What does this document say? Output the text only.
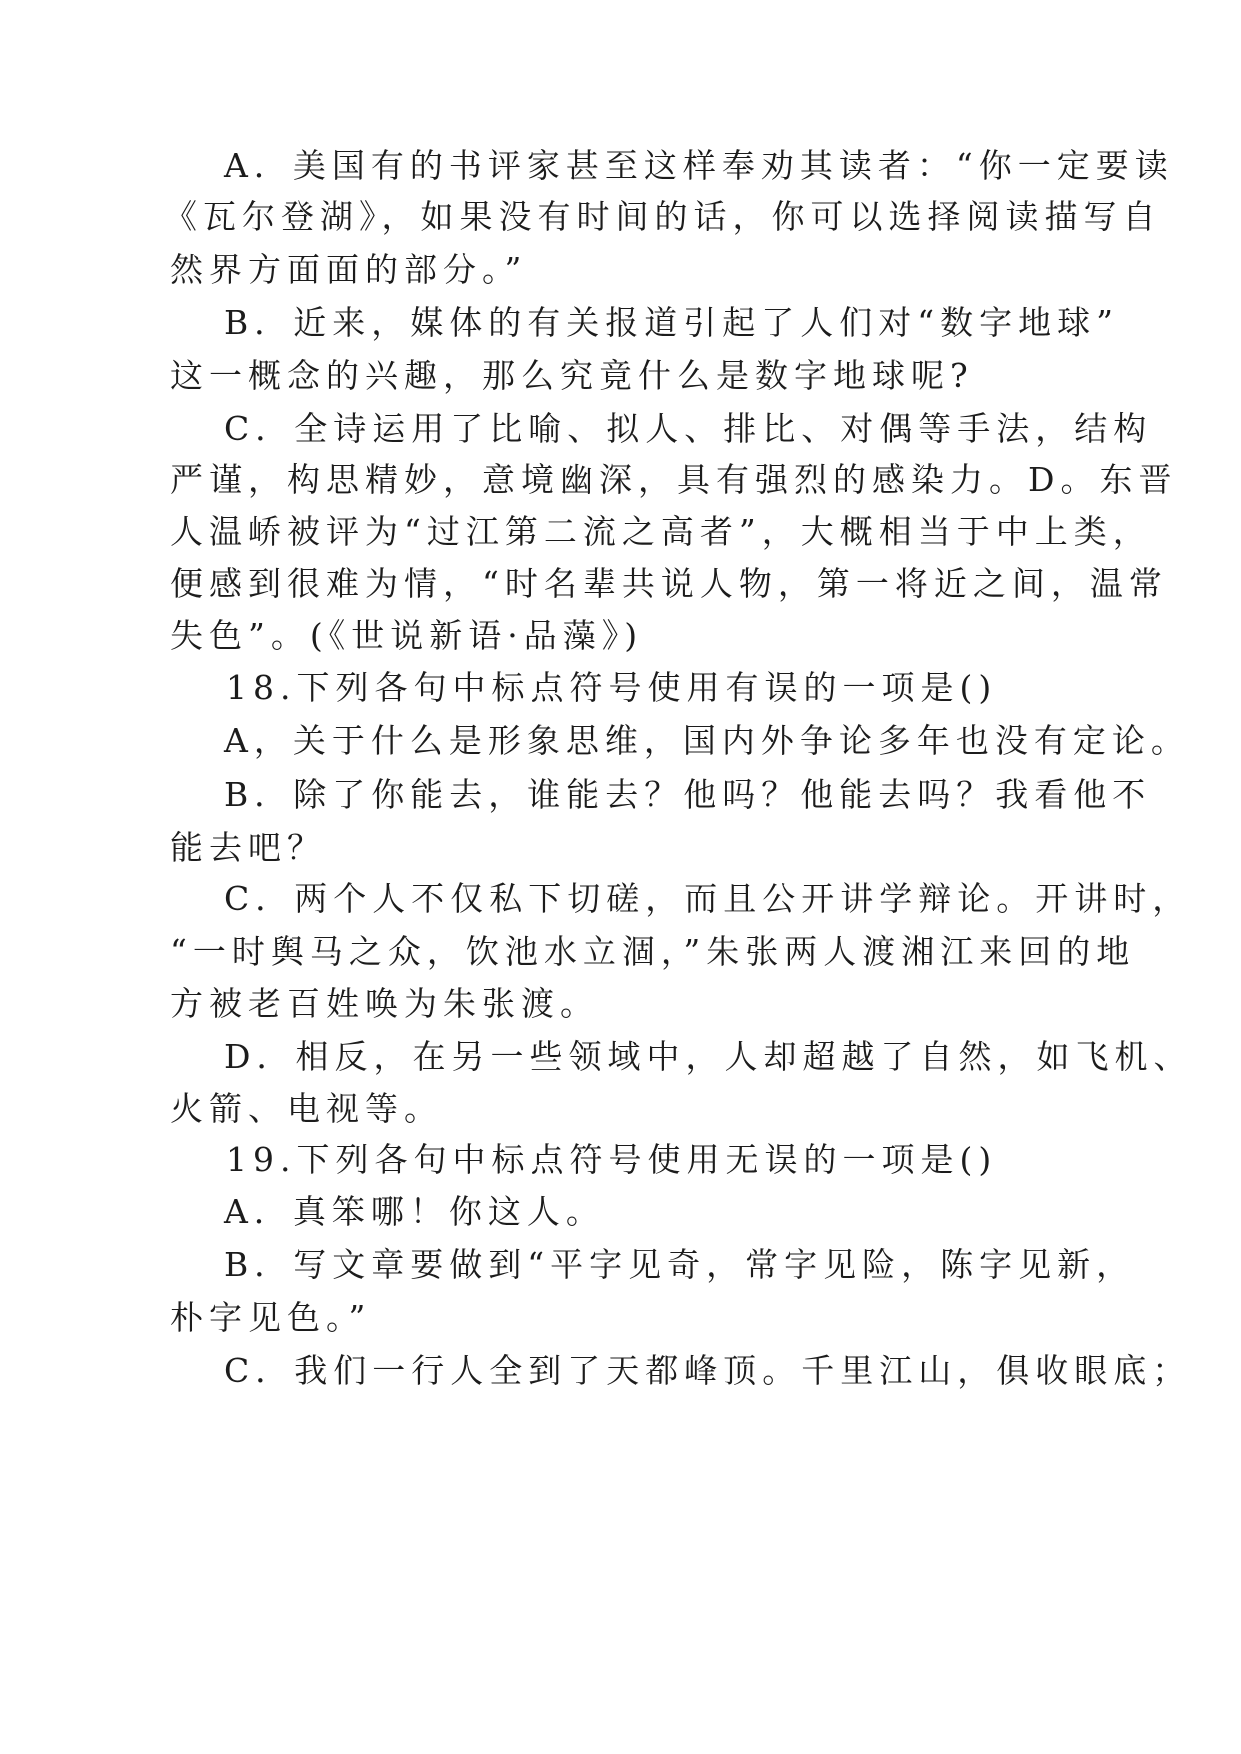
A．美国有的书评家甚至这样奉劝其读者：“你一定要读
《瓦尔登湖》，如果没有时间的话，你可以选择阅读描写自
然界方面面的部分。”
B．近来，媒体的有关报道引起了人们对“数字地球”
这一概念的兴趣，那么究竟什么是数字地球呢?
C．全诗运用了比喻、拟人、排比、对偶等手法，结构
严谨，构思精妙，意境幽深，具有强烈的感染力。D。东晋
人温峤被评为“过江第二流之高者”，大概相当于中上类，
便感到很难为情，“时名辈共说人物，第一将近之间，温常
失色”。(《世说新语·品藻》)
18.下列各句中标点符号使用有误的一项是()
A，关于什么是形象思维，国内外争论多年也没有定论。
B．除了你能去，谁能去？他吗？他能去吗？我看他不
能去吧？
C．两个人不仅私下切磋，而且公开讲学辩论。开讲时，
“一时舆马之众，饮池水立涸，”朱张两人渡湘江来回的地
方被老百姓唤为朱张渡。
D．相反，在另一些领域中，人却超越了自然，如飞机、
火箭、电视等。
19.下列各句中标点符号使用无误的一项是()
A．真笨哪！你这人。
B．写文章要做到“平字见奇，常字见险，陈字见新，
朴字见色。”
C．我们一行人全到了天都峰顶。千里江山，俱收眼底；
